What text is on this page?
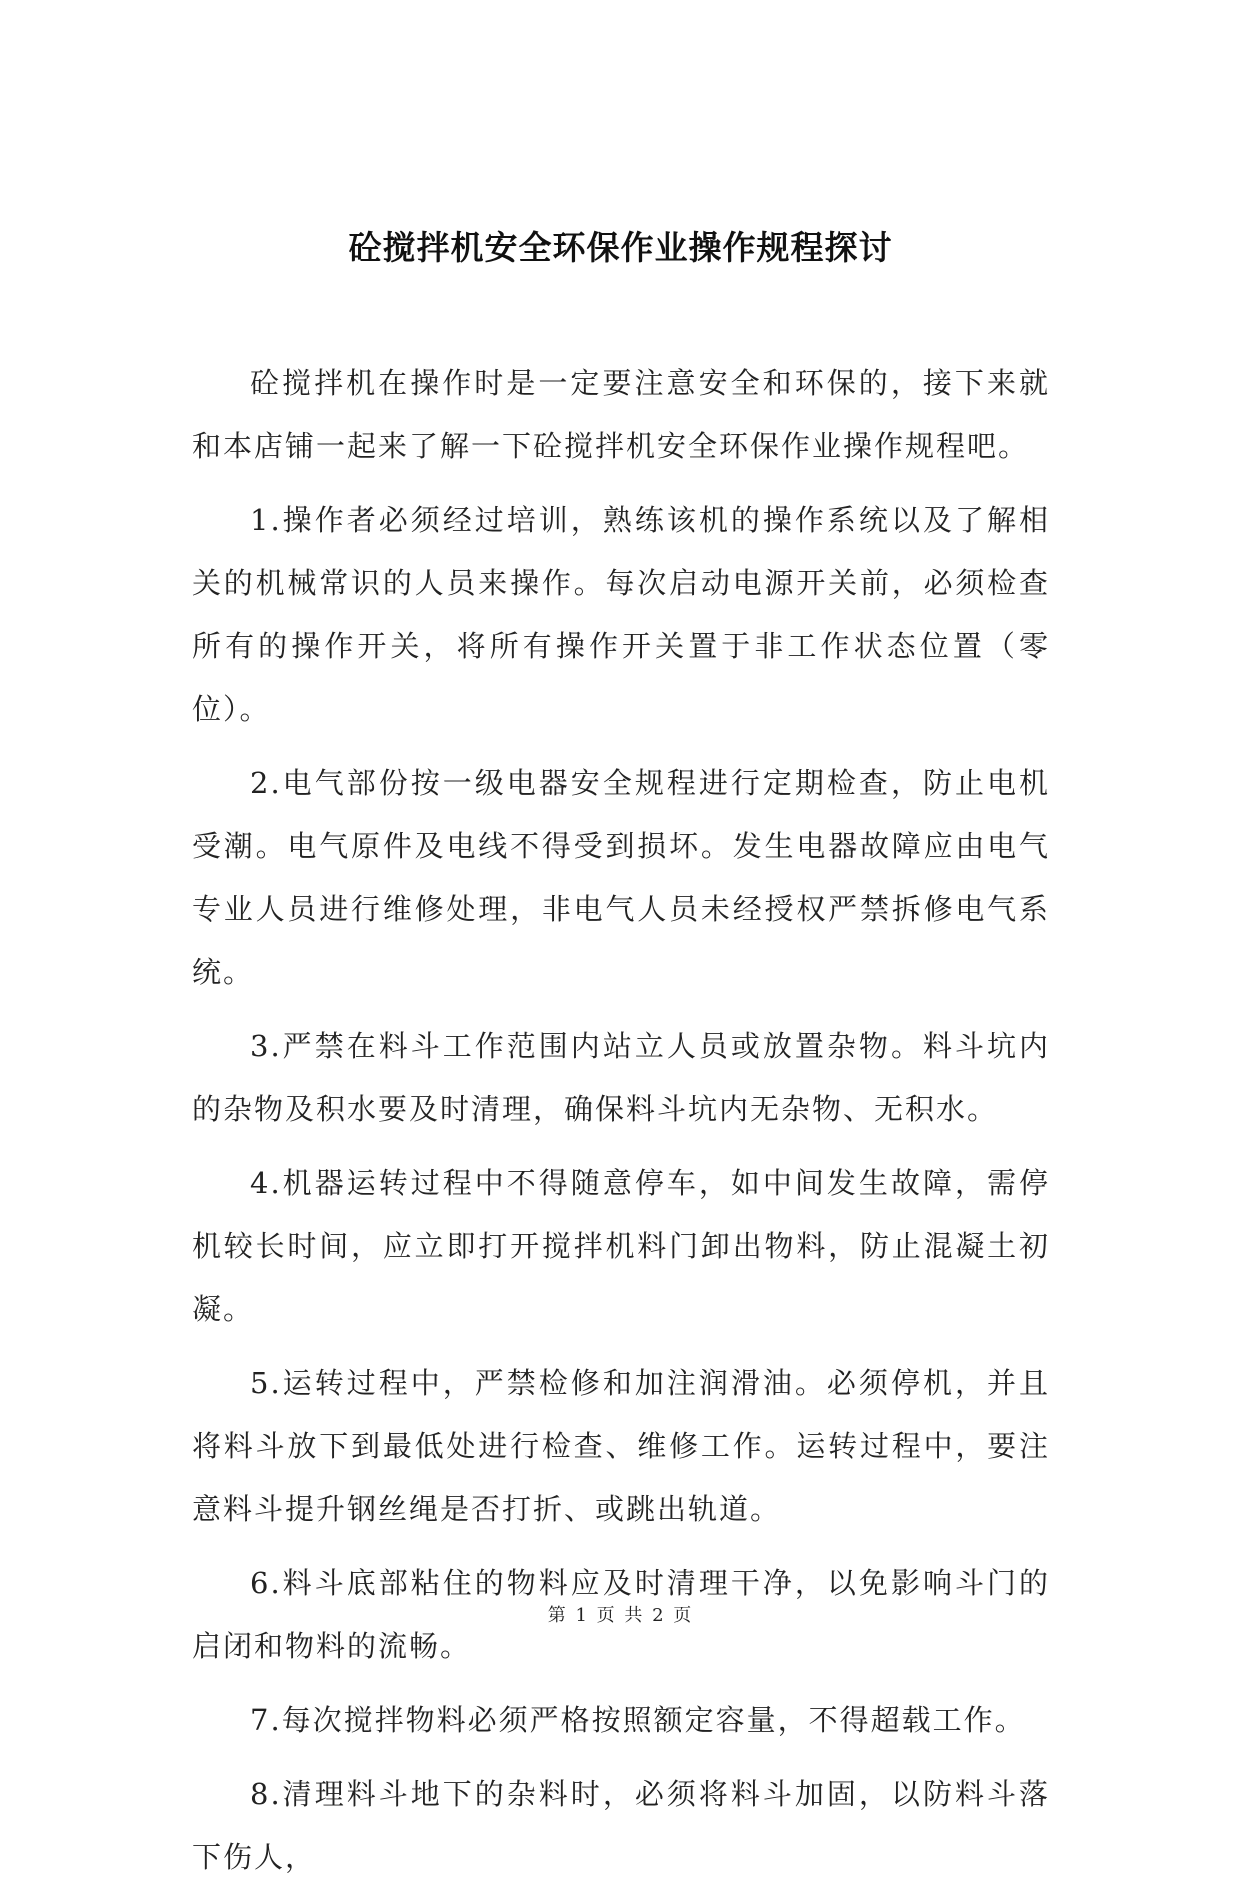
砼搅拌机安全环保作业操作规程探讨

砼搅拌机在操作时是一定要注意安全和环保的，接下来就和本店铺一起来了解一下砼搅拌机安全环保作业操作规程吧。

1.操作者必须经过培训，熟练该机的操作系统以及了解相关的机械常识的人员来操作。每次启动电源开关前，必须检查所有的操作开关，将所有操作开关置于非工作状态位置（零位）。

2.电气部份按一级电器安全规程进行定期检查，防止电机受潮。电气原件及电线不得受到损坏。发生电器故障应由电气专业人员进行维修处理，非电气人员未经授权严禁拆修电气系统。

3.严禁在料斗工作范围内站立人员或放置杂物。料斗坑内的杂物及积水要及时清理，确保料斗坑内无杂物、无积水。

4.机器运转过程中不得随意停车，如中间发生故障，需停机较长时间，应立即打开搅拌机料门卸出物料，防止混凝土初凝。

5.运转过程中，严禁检修和加注润滑油。必须停机，并且将料斗放下到最低处进行检查、维修工作。运转过程中，要注意料斗提升钢丝绳是否打折、或跳出轨道。

6.料斗底部粘住的物料应及时清理干净，以免影响斗门的启闭和物料的流畅。

7.每次搅拌物料必须严格按照额定容量，不得超载工作。

8.清理料斗地下的杂料时，必须将料斗加固，以防料斗落下伤人，

第 1 页 共 2 页
